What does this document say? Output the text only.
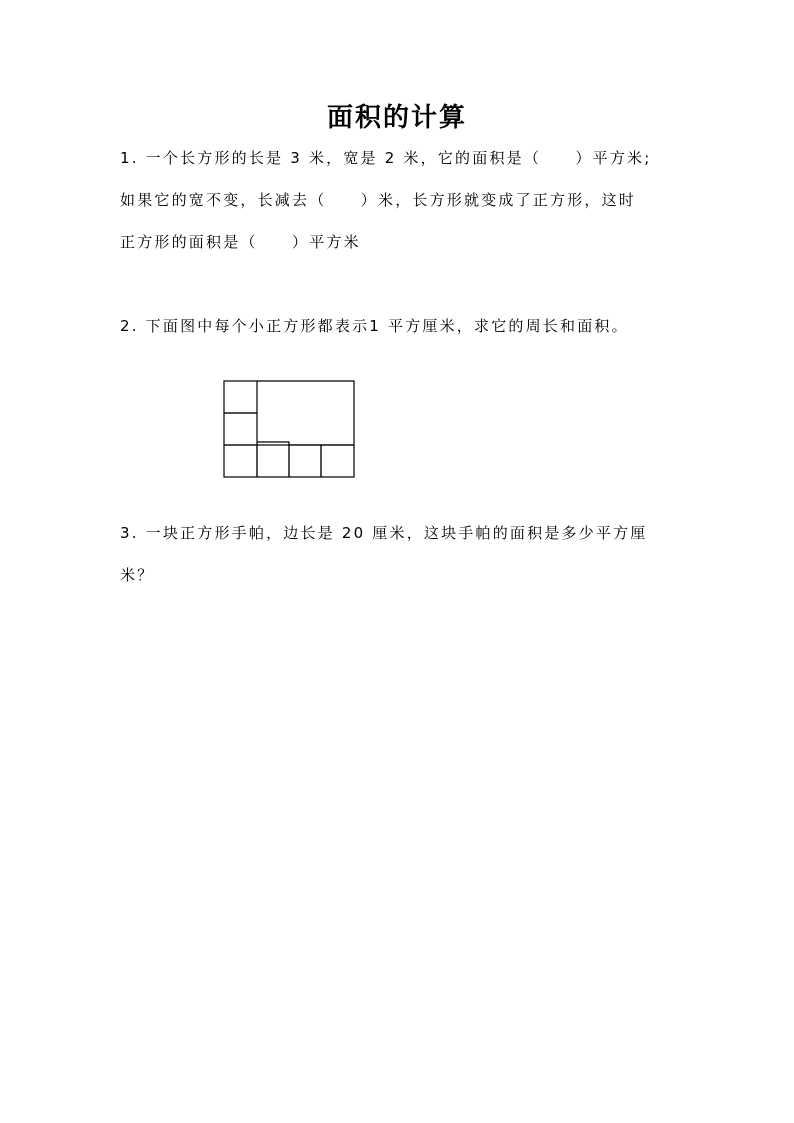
面积的计算
1. 一个长方形的长是 3 米，宽是 2 米，它的面积是（　　）平方米;
如果它的宽不变，长减去（　　）米，长方形就变成了正方形，这时
正方形的面积是（　　）平方米
2. 下面图中每个小正方形都表示1 平方厘米，求它的周长和面积。
3. 一块正方形手帕，边长是 20 厘米，这块手帕的面积是多少平方厘
米？
